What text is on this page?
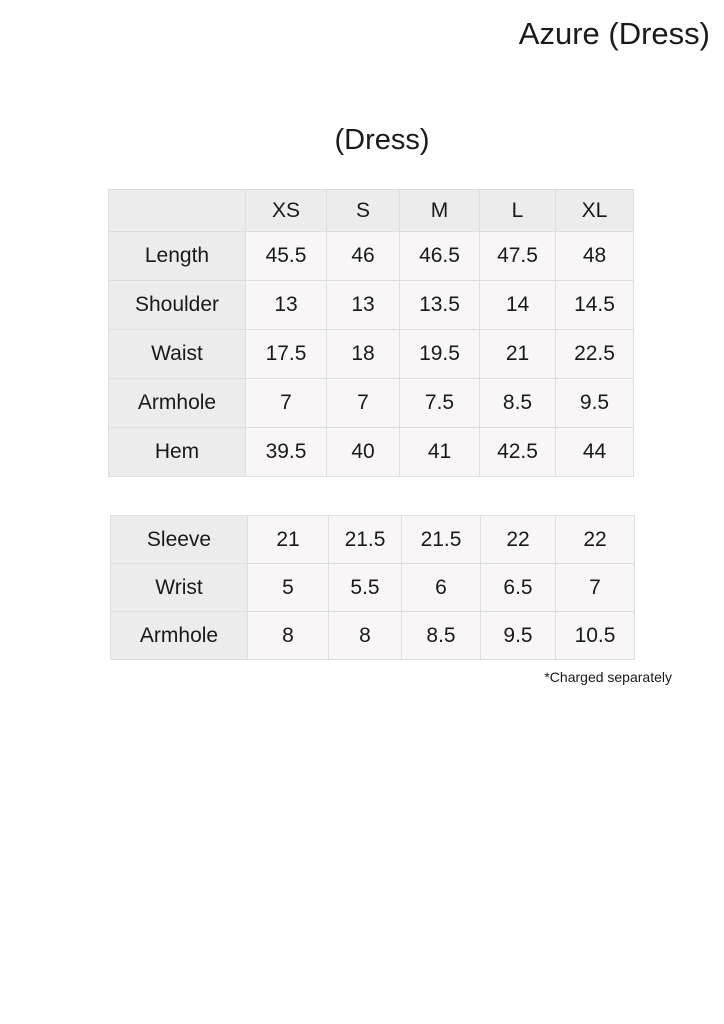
Azure (Dress)
(Dress)
	XS	S	M	L	XL
Length	45.5	46	46.5	47.5	48
Shoulder	13	13	13.5	14	14.5
Waist	17.5	18	19.5	21	22.5
Armhole	7	7	7.5	8.5	9.5
Hem	39.5	40	41	42.5	44
Sleeve	21	21.5	21.5	22	22
Wrist	5	5.5	6	6.5	7
Armhole	8	8	8.5	9.5	10.5
*Charged separately
